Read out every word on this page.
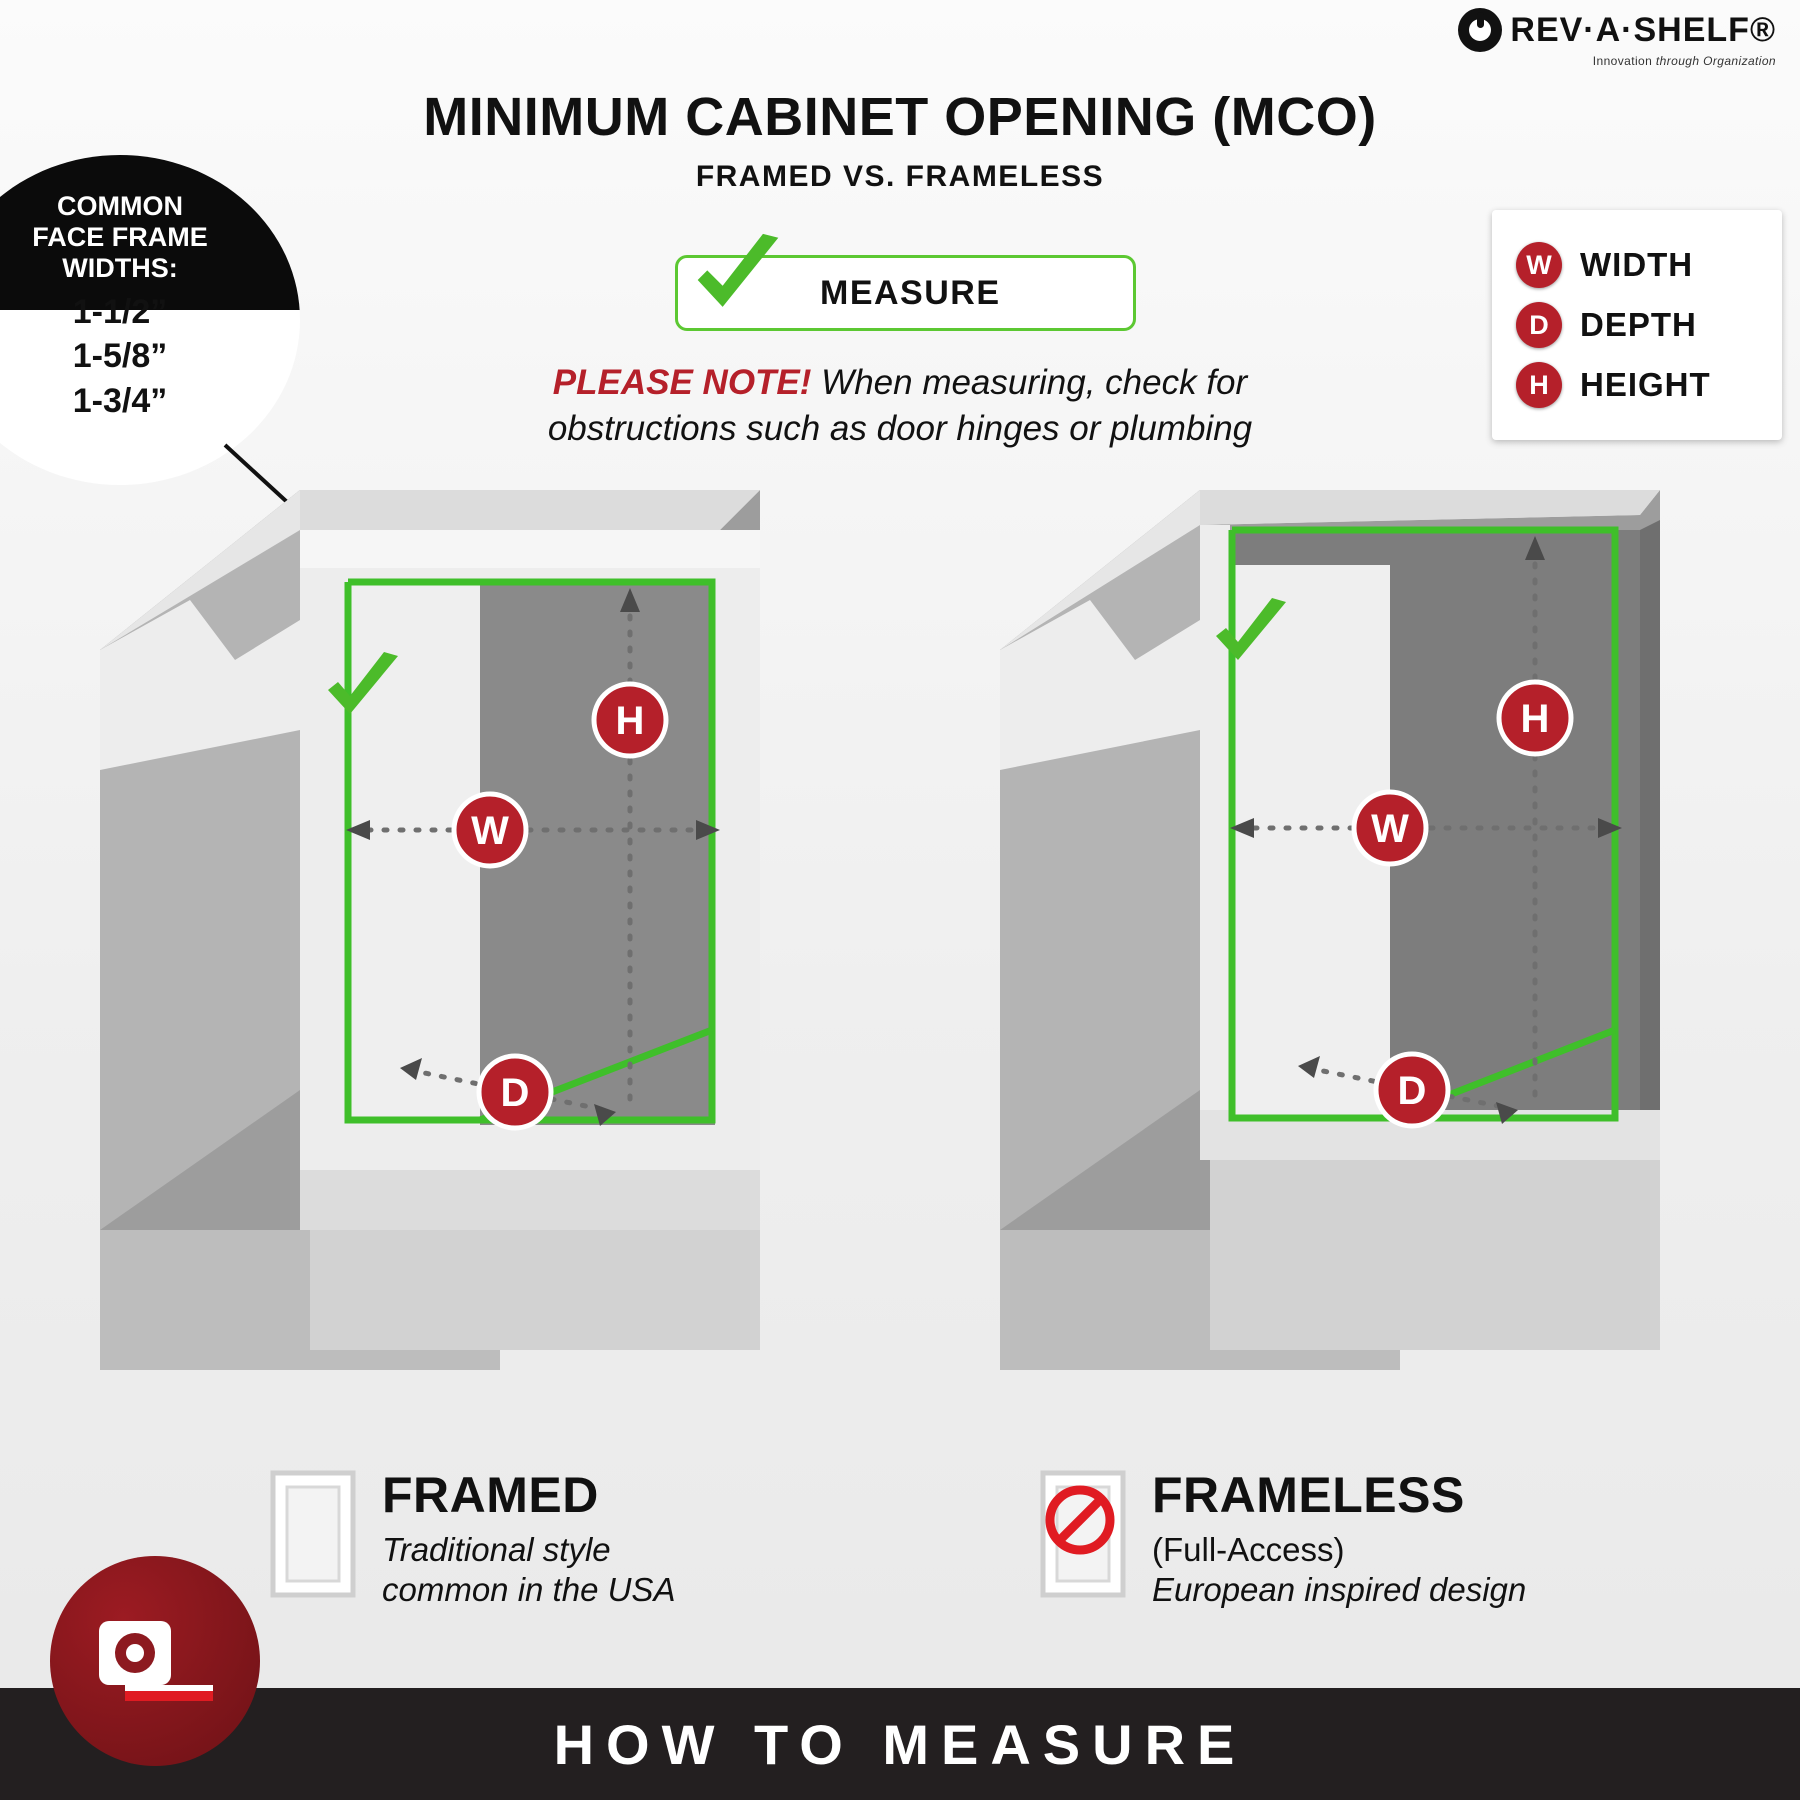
REV·A·SHELF®
Innovation through Organization
MINIMUM CABINET OPENING (MCO)
FRAMED VS. FRAMELESS
MEASURE
PLEASE NOTE! When measuring, check for
obstructions such as door hinges or plumbing
COMMON
FACE FRAME
WIDTHS:
1-1/2”
1-5/8”
1-3/4”
W WIDTH
D DEPTH
H HEIGHT
H
W
D
H
W
D
FRAMED
Traditional style
common in the USA
FRAMELESS
(Full-Access)
European inspired design
HOW TO MEASURE
